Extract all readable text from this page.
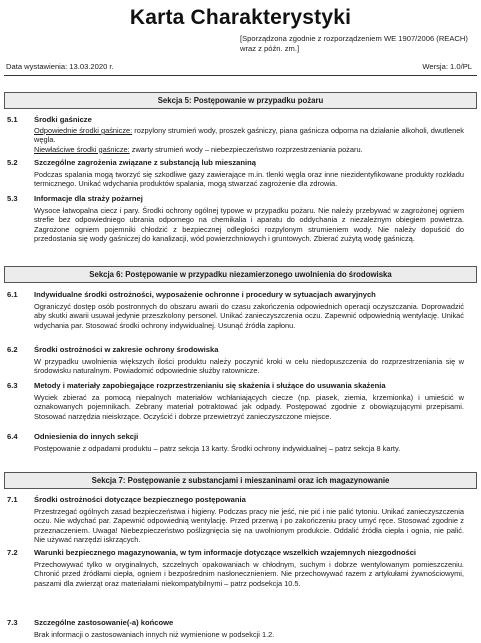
Karta Charakterystyki
[Sporządzona zgodnie z rozporządzeniem WE 1907/2006 (REACH) wraz z późn. zm.]
Data wystawienia: 13.03.2020 r.	Wersja: 1.0/PL
Sekcja 5: Postępowanie w przypadku pożaru
5.1 Środki gaśnicze
Odpowiednie środki gaśnicze: rozpylony strumień wody, proszek gaśniczy, piana gaśnicza odporna na działanie alkoholi, dwutlenek węgla.
Niewłaściwe środki gaśnicze: zwarty strumień wody – niebezpieczeństwo rozprzestrzeniania pożaru.
5.2 Szczególne zagrożenia związane z substancją lub mieszaniną
Podczas spalania mogą tworzyć się szkodliwe gazy zawierające m.in. tlenki węgla oraz inne niezidentyfikowane produkty rozkładu termicznego. Unikać wdychania produktów spalania, mogą stwarzać zagrożenie dla zdrowia.
5.3 Informacje dla straży pożarnej
Wysoce łatwopalna ciecz i pary. Środki ochrony ogólnej typowe w przypadku pożaru. Nie należy przebywać w zagrożonej ogniem strefie bez odpowiedniego ubrania odpornego na chemikalia i aparatu do oddychania z niezależnym obiegiem powietrza. Zagrożone ogniem pojemniki chłodzić z bezpiecznej odległości rozpylonym strumieniem wody. Nie należy dopuścić do przedostania się wody gaśniczej do kanalizacji, wód powierzchniowych i gruntowych. Zbierać zużytą wodę gaśniczą.
Sekcja 6: Postępowanie w przypadku niezamierzonego uwolnienia do środowiska
6.1 Indywidualne środki ostrożności, wyposażenie ochronne i procedury w sytuacjach awaryjnych
Ograniczyć dostęp osób postronnych do obszaru awarii do czasu zakończenia odpowiednich operacji oczyszczania. Doprowadzić aby skutki awarii usuwał jedynie przeszkolony personel. Unikać zanieczyszczenia oczu. Zapewnić odpowiednią wentylację. Unikać wdychania par. Stosować środki ochrony indywidualnej. Usunąć źródła zapłonu.
6.2 Środki ostrożności w zakresie ochrony środowiska
W przypadku uwolnienia większych ilości produktu należy poczynić kroki w celu niedopuszczenia do rozprzestrzeniania się w środowisku naturalnym. Powiadomić odpowiednie służby ratownicze.
6.3 Metody i materiały zapobiegające rozprzestrzenianiu się skażenia i służące do usuwania skażenia
Wyciek zbierać za pomocą niepalnych materiałów wchłaniających ciecze (np. piasek, ziemia, krzemionka) i umieścić w oznakowanych pojemnikach. Zebrany materiał potraktować jak odpady. Postępować zgodnie z obowiązującymi przepisami. Stosować narzędzia nieiskrzące. Oczyścić i dobrze przewietrzyć zanieczyszczone miejsce.
6.4 Odniesienia do innych sekcji
Postępowanie z odpadami produktu – patrz sekcja 13 karty. Środki ochrony indywidualnej – patrz sekcja 8 karty.
Sekcja 7: Postępowanie z substancjami i mieszaninami oraz ich magazynowanie
7.1 Środki ostrożności dotyczące bezpiecznego postępowania
Przestrzegać ogólnych zasad bezpieczeństwa i higieny. Podczas pracy nie jeść, nie pić i nie palić tytoniu. Unikać zanieczyszczenia oczu. Nie wdychać par. Zapewnić odpowiednią wentylację. Przed przerwą i po zakończeniu pracy umyć ręce. Stosować zgodnie z przeznaczeniem. Uwaga! Niebezpieczeństwo poślizgnięcia się na uwolnionym produkcie. Oddalić źródła ciepła i ognia, nie palić. Nie używać narzędzi iskrzących.
7.2 Warunki bezpiecznego magazynowania, w tym informacje dotyczące wszelkich wzajemnych niezgodności
Przechowywać tylko w oryginalnych, szczelnych opakowaniach w chłodnym, suchym i dobrze wentylowanym pomieszczeniu. Chronić przed źródłami ciepła, ogniem i bezpośrednim nasłonecznieniem. Nie przechowywać razem z artykułami żywnościowymi, paszami dla zwierząt oraz materiałami niekompatybilnymi – patrz podsekcja 10.5.
7.3 Szczególne zastosowanie(-a) końcowe
Brak informacji o zastosowaniach innych niż wymienione w podsekcji 1.2.
